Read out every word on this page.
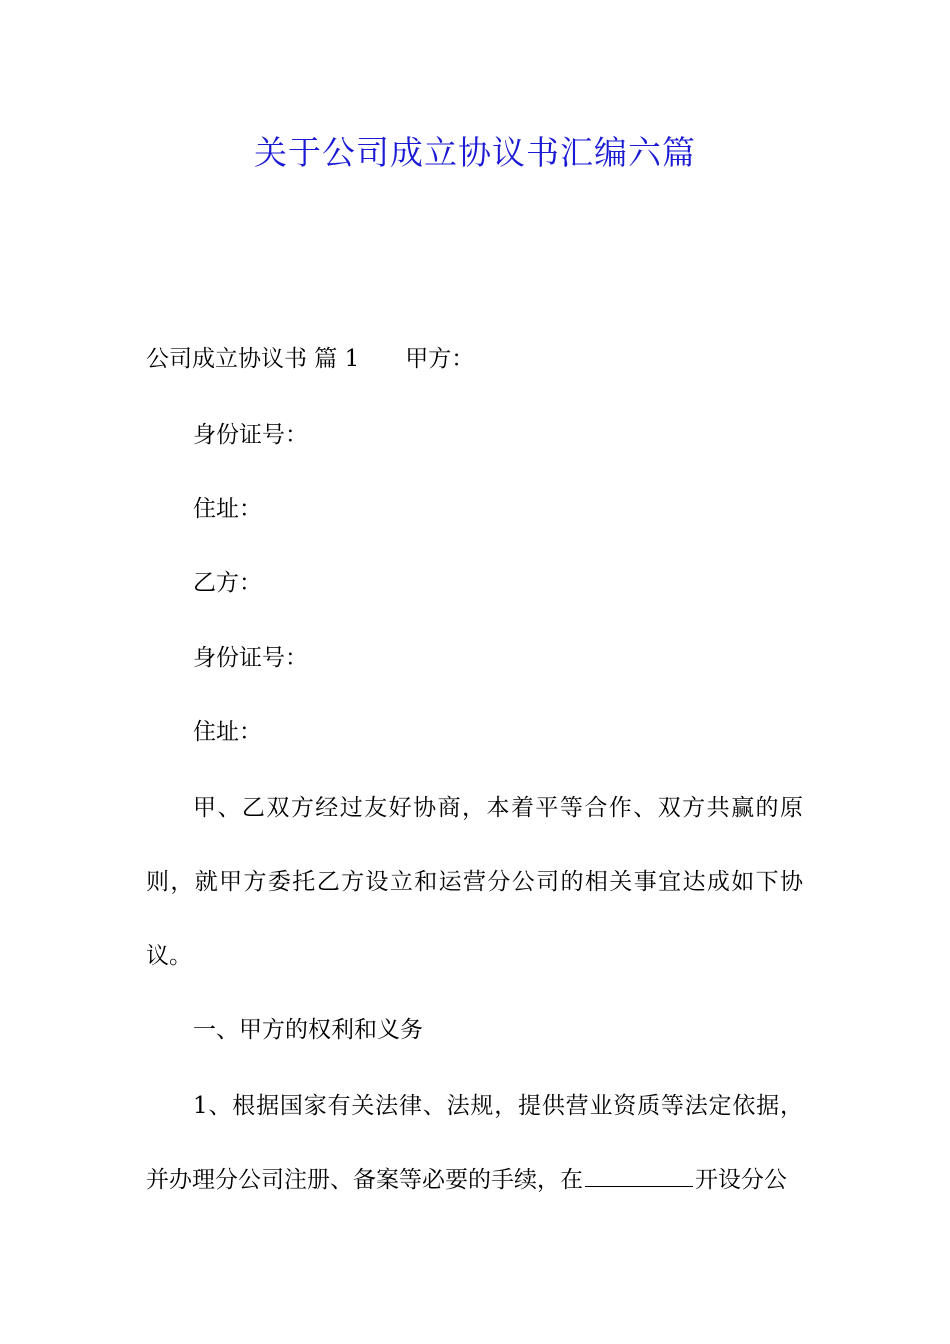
关于公司成立协议书汇编六篇
公司成立协议书 篇 1 甲方：
身份证号：
住址：
乙方：
身份证号：
住址：
甲、乙双方经过友好协商，本着平等合作、双方共赢的原
则，就甲方委托乙方设立和运营分公司的相关事宜达成如下协
议。
一、甲方的权利和义务
1、根据国家有关法律、法规，提供营业资质等法定依据，
并办理分公司注册、备案等必要的手续，在	开设分公
